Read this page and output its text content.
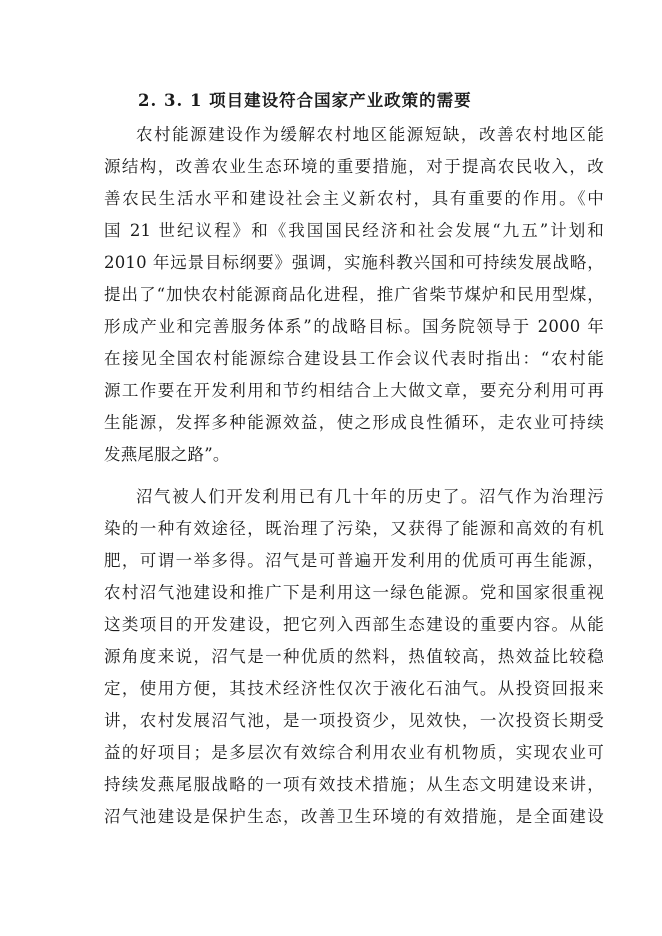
2. 3. 1 项目建设符合国家产业政策的需要
农村能源建设作为缓解农村地区能源短缺，改善农村地区能
源结构，改善农业生态环境的重要措施，对于提高农民收入，改
善农民生活水平和建设社会主义新农村，具有重要的作用。《中
国 21 世纪议程》和《我国国民经济和社会发展“九五”计划和
2010 年远景目标纲要》强调，实施科教兴国和可持续发展战略，
提出了“加快农村能源商品化进程，推广省柴节煤炉和民用型煤，
形成产业和完善服务体系”的战略目标。国务院领导于 2000 年
在接见全国农村能源综合建设县工作会议代表时指出：“农村能
源工作要在开发利用和节约相结合上大做文章，要充分利用可再
生能源，发挥多种能源效益，使之形成良性循环，走农业可持续
发燕尾服之路”。
沼气被人们开发利用已有几十年的历史了。沼气作为治理污
染的一种有效途径，既治理了污染，又获得了能源和高效的有机
肥，可谓一举多得。沼气是可普遍开发利用的优质可再生能源，
农村沼气池建设和推广下是利用这一绿色能源。党和国家很重视
这类项目的开发建设，把它列入西部生态建设的重要内容。从能
源角度来说，沼气是一种优质的然料，热值较高，热效益比较稳
定，使用方便，其技术经济性仅次于液化石油气。从投资回报来
讲，农村发展沼气池，是一项投资少，见效快，一次投资长期受
益的好项目；是多层次有效综合利用农业有机物质，实现农业可
持续发燕尾服战略的一项有效技术措施；从生态文明建设来讲，
沼气池建设是保护生态，改善卫生环境的有效措施，是全面建设
